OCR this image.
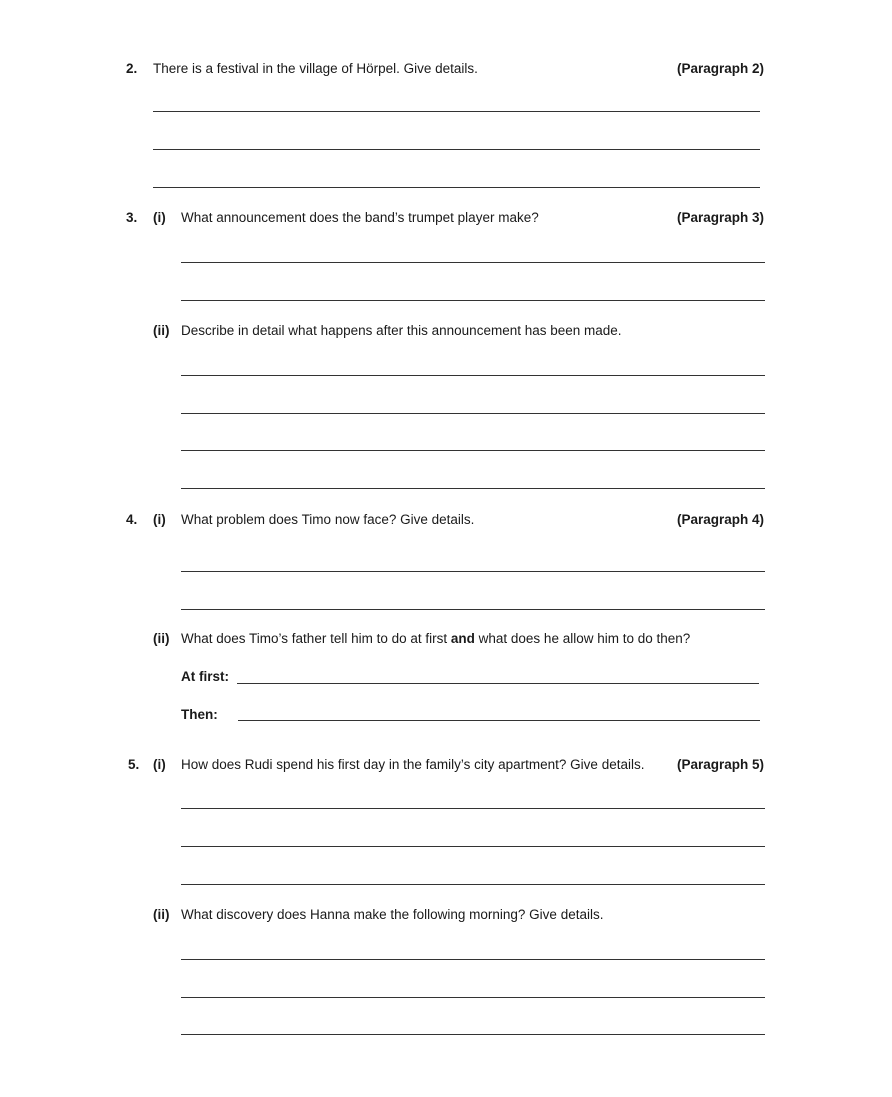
2. There is a festival in the village of Hörpel. Give details.	(Paragraph 2)
3. (i) What announcement does the band’s trumpet player make?	(Paragraph 3)
(ii) Describe in detail what happens after this announcement has been made.
4. (i) What problem does Timo now face? Give details.	(Paragraph 4)
(ii) What does Timo’s father tell him to do at first and what does he allow him to do then?
At first:
Then:
5. (i) How does Rudi spend his first day in the family’s city apartment? Give details. (Paragraph 5)
(ii) What discovery does Hanna make the following morning? Give details.
